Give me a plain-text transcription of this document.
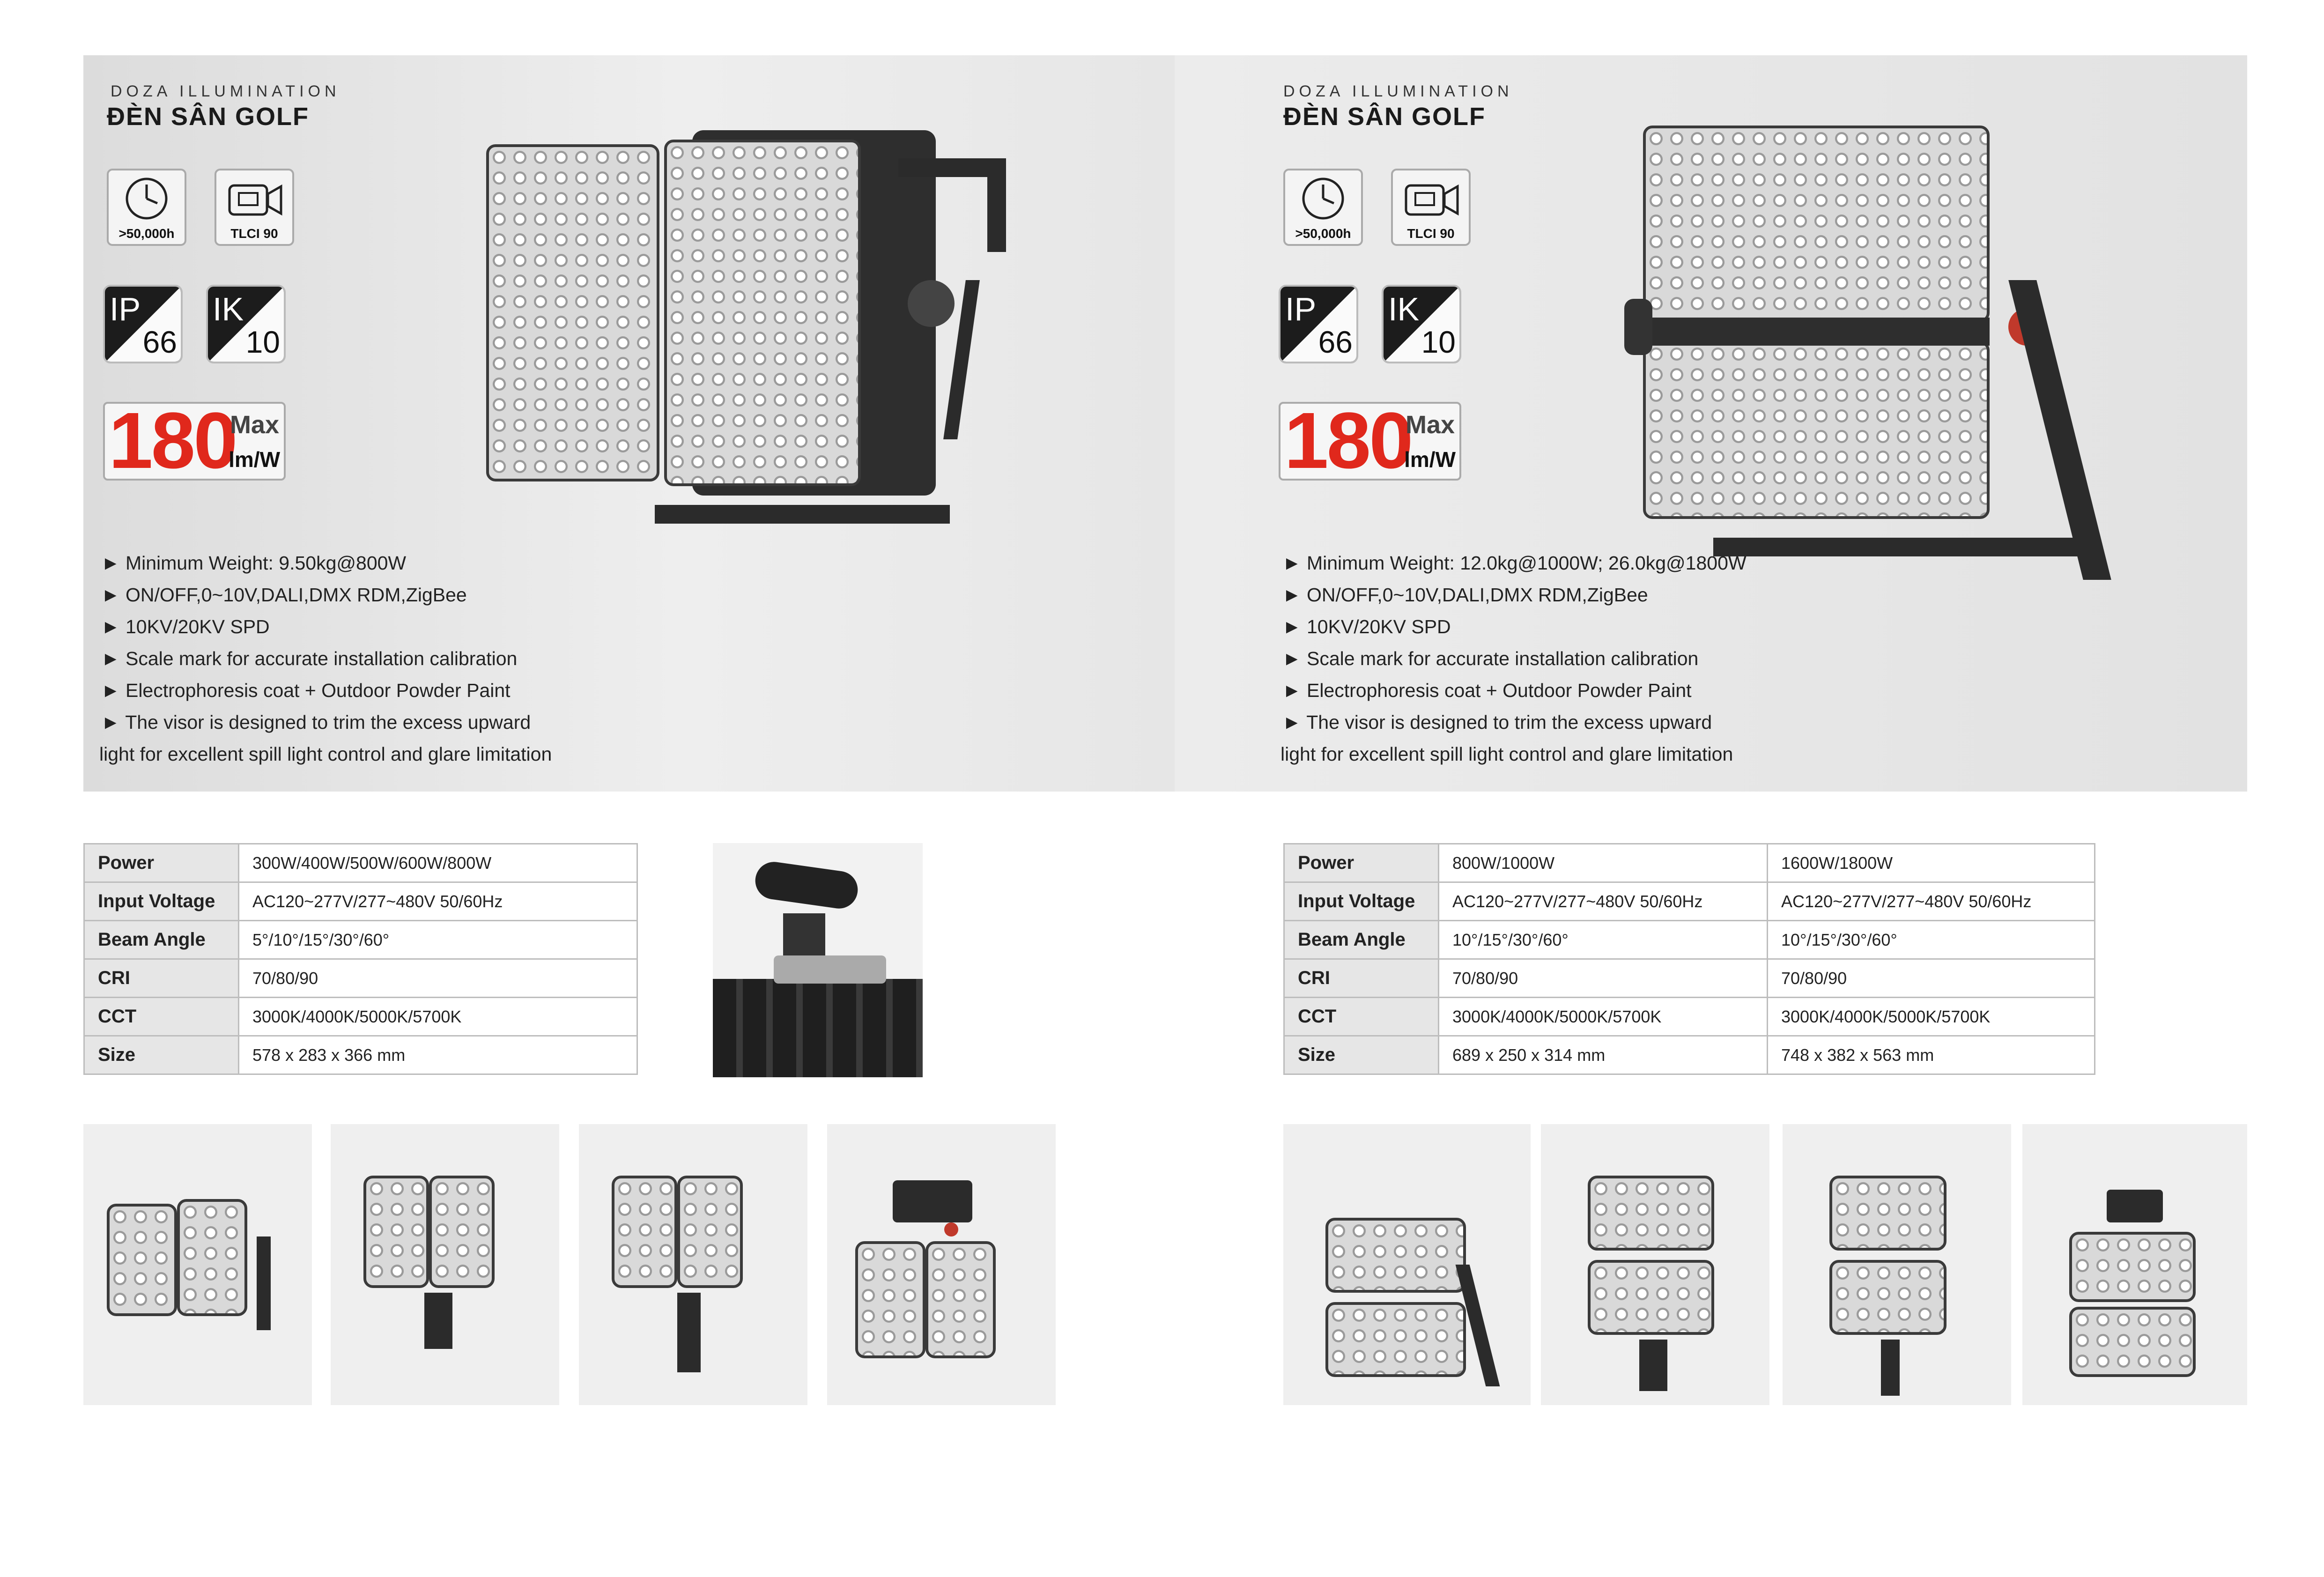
DOZA ILLUMINATION
ĐÈN SÂN GOLF
>50,000h	TLCI 90
IP
66
IK
10
180
Max
lm/W
► Minimum Weight: 9.50kg@800W
► ON/OFF,0~10V,DALI,DMX RDM,ZigBee
► 10KV/20KV SPD
► Scale mark for accurate installation calibration
► Electrophoresis coat + Outdoor Powder Paint
► The visor is designed to trim the excess upward
light for excellent spill light control and glare limitation
DOZA ILLUMINATION
ĐÈN SÂN GOLF
>50,000h	TLCI 90
IP
66
IK
10
180
Max
lm/W
► Minimum Weight: 12.0kg@1000W; 26.0kg@1800W
► ON/OFF,0~10V,DALI,DMX RDM,ZigBee
► 10KV/20KV SPD
► Scale mark for accurate installation calibration
► Electrophoresis coat + Outdoor Powder Paint
► The visor is designed to trim the excess upward
light for excellent spill light control and glare limitation
Power	300W/400W/500W/600W/800W
Input Voltage	AC120~277V/277~480V 50/60Hz
Beam Angle	5°/10°/15°/30°/60°
CRI	70/80/90
CCT	3000K/4000K/5000K/5700K
Size	578 x 283 x 366 mm
Power	800W/1000W	1600W/1800W
Input Voltage	AC120~277V/277~480V 50/60Hz	AC120~277V/277~480V 50/60Hz
Beam Angle	10°/15°/30°/60°	10°/15°/30°/60°
CRI	70/80/90	70/80/90
CCT	3000K/4000K/5000K/5700K	3000K/4000K/5000K/5700K
Size	689 x 250 x 314 mm	748 x 382 x 563 mm
